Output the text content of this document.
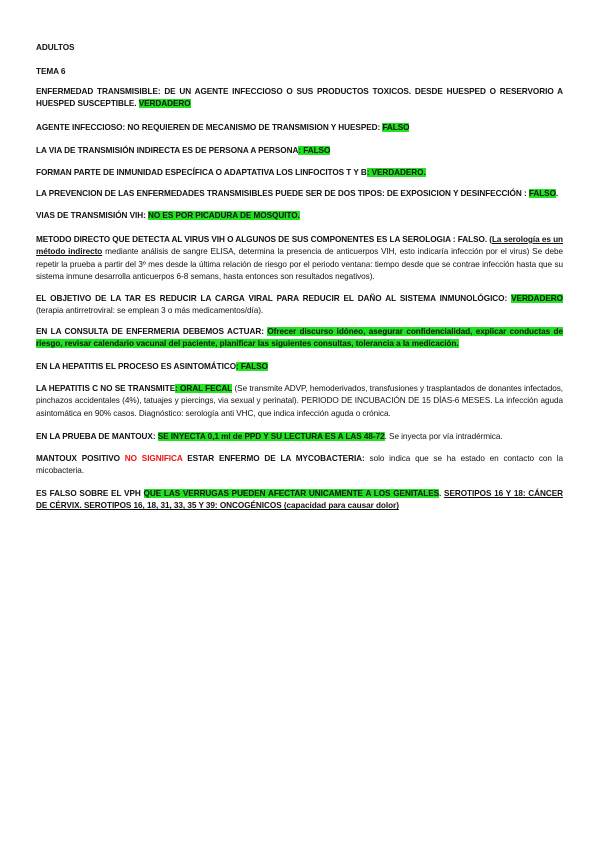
ADULTOS

TEMA 6

ENFERMEDAD TRANSMISIBLE: DE UN AGENTE INFECCIOSO O SUS PRODUCTOS TOXICOS. DESDE HUESPED O RESERVORIO A HUESPED SUSCEPTIBLE. VERDADERO

AGENTE INFECCIOSO: NO REQUIEREN DE MECANISMO DE TRANSMISION Y HUESPED: FALSO

LA VIA DE TRANSMISIÓN INDIRECTA ES DE PERSONA A PERSONA: FALSO

FORMAN PARTE DE INMUNIDAD ESPECÍFICA O ADAPTATIVA LOS LINFOCITOS T Y B: VERDADERO.

LA PREVENCION DE LAS ENFERMEDADES TRANSMISIBLES PUEDE SER DE DOS TIPOS: DE EXPOSICION Y DESINFECCIÓN : FALSO.

VIAS DE TRANSMISIÓN VIH: NO ES POR PICADURA DE MOSQUITO.

METODO DIRECTO QUE DETECTA AL VIRUS VIH O ALGUNOS DE SUS COMPONENTES ES LA SEROLOGIA : FALSO. (La serología es un método indirecto mediante análisis de sangre ELISA, determina la presencia de anticuerpos VIH, esto indicaría infección por el virus) Se debe repetir la prueba a partir del 3º mes desde la última relación de riesgo por el periodo ventana: tiempo desde que se contrae infección hasta que su sistema inmune desarrolla anticuerpos 6-8 semans, hasta entonces son resultados negativos).

EL OBJETIVO DE LA TAR ES REDUCIR LA CARGA VIRAL PARA REDUCIR EL DAÑO AL SISTEMA INMUNOLÓGICO: VERDADERO (terapia antirretroviral: se emplean 3 o más medicamentos/día).

EN LA CONSULTA DE ENFERMERIA DEBEMOS ACTUAR: Ofrecer discurso idóneo, asegurar confidencialidad, explicar conductas de riesgo, revisar calendario vacunal del paciente, planificar las siguientes consultas, tolerancia a la medicación.

EN LA HEPATITIS EL PROCESO ES ASINTOMÁTICO: FALSO

LA HEPATITIS C NO SE TRANSMITE: ORAL FECAL (Se transmite ADVP, hemoderivados, transfusiones y trasplantados de donantes infectados, pinchazos accidentales (4%), tatuajes y piercings, via sexual y perinatal). PERIODO DE INCUBACIÓN DE 15 DÍAS-6 MESES. La infección aguda asintomática en 90% casos. Diagnóstico: serología anti VHC, que indica infección aguda o crónica.

EN LA PRUEBA DE MANTOUX: SE INYECTA 0,1 ml de PPD Y SU LECTURA ES A LAS 48-72. Se inyecta por vía intradérmica.

MANTOUX POSITIVO NO SIGNIFICA ESTAR ENFERMO DE LA MYCOBACTERIA: solo indica que se ha estado en contacto con la micobacteria.

ES FALSO SOBRE EL VPH QUE LAS VERRUGAS PUEDEN AFECTAR UNICAMENTE A LOS GENITALES. SEROTIPOS 16 Y 18: CÁNCER DE CÉRVIX. SEROTIPOS 16, 18, 31, 33, 35 Y 39: ONCOGÉNICOS (capacidad para causar dolor)
